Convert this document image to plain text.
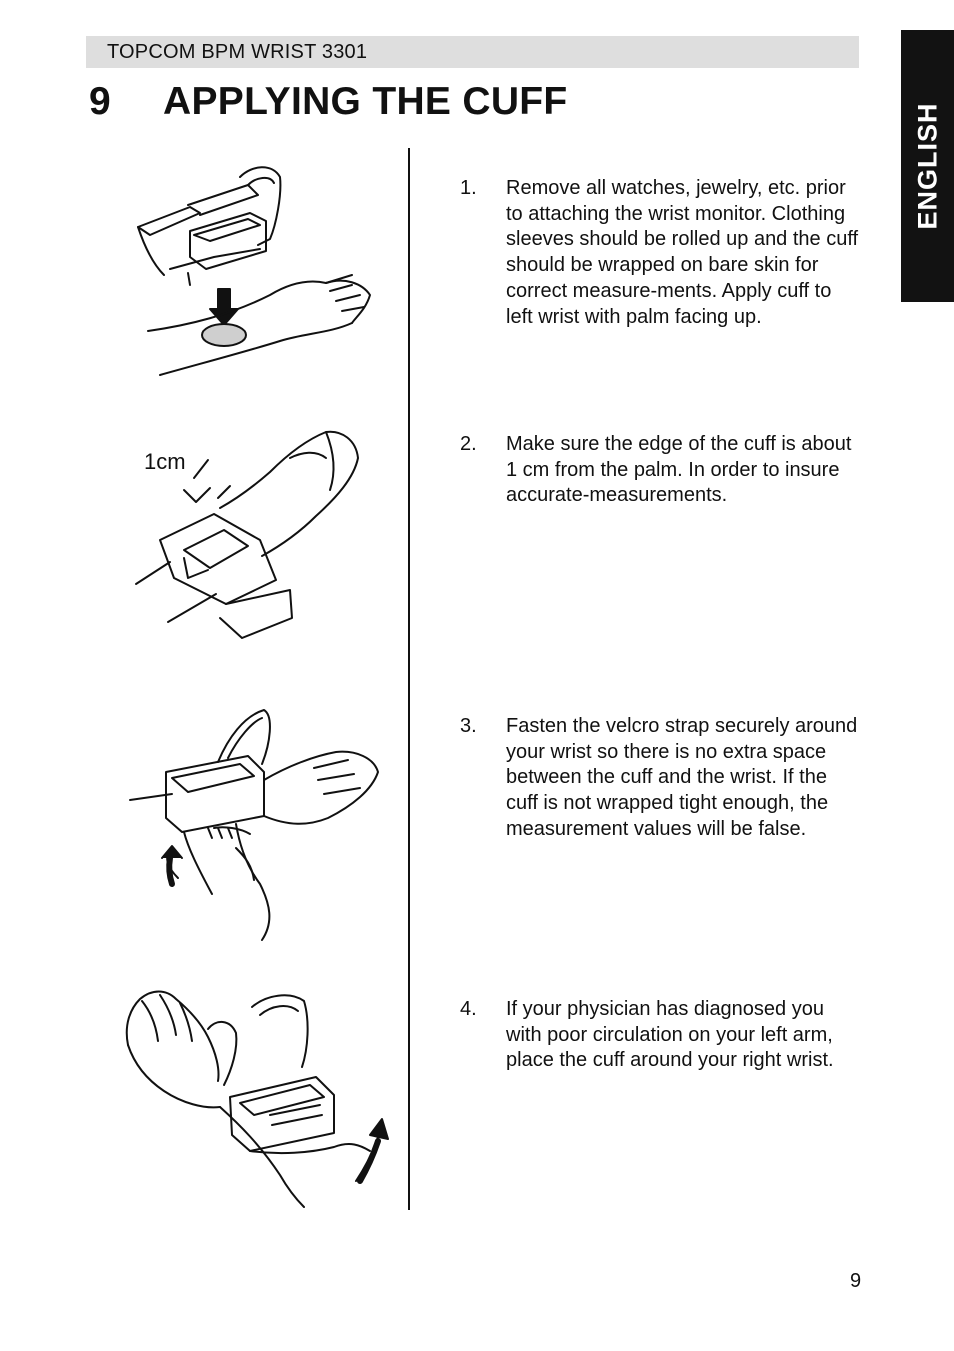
TOPCOM BPM WRIST 3301
ENGLISH
9	APPLYING THE CUFF
1cm
1. Remove all watches, jewelry, etc. prior to attaching the wrist monitor. Clothing sleeves should be rolled up and the cuff should be wrapped on bare skin for correct measure-ments. Apply cuff to left wrist with palm facing up.
2. Make sure the edge of the cuff is about 1 cm from the palm. In order to insure accurate-measurements.
3. Fasten the velcro strap securely around your wrist so there is no extra space between the cuff and the wrist. If the cuff is not wrapped tight enough, the measurement values will be false.
4. If your physician has diagnosed you with poor circulation on your left arm, place the cuff around your right wrist.
9
